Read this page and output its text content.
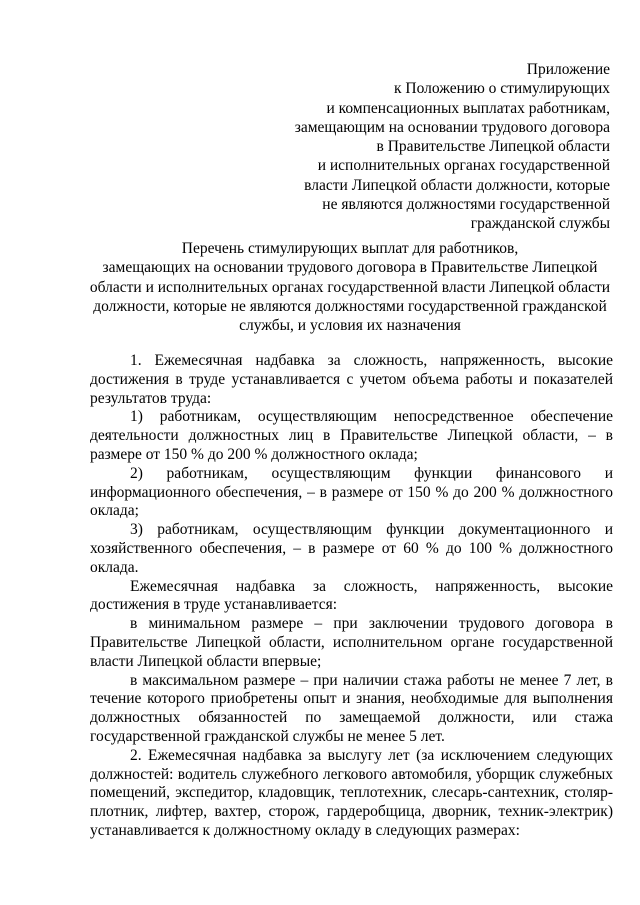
Приложение
к Положению о стимулирующих
и компенсационных выплатах работникам,
замещающим на основании трудового договора
в Правительстве Липецкой области
и исполнительных органах государственной
власти Липецкой области должности, которые
не являются должностями государственной
гражданской службы
Перечень стимулирующих выплат для работников,
замещающих на основании трудового договора в Правительстве Липецкой
области и исполнительных органах государственной власти Липецкой области
должности, которые не являются должностями государственной гражданской
службы, и условия их назначения

1. Ежемесячная надбавка за сложность, напряженность, высокие достижения в труде устанавливается с учетом объема работы и показателей результатов труда:

1) работникам, осуществляющим непосредственное обеспечение деятельности должностных лиц в Правительстве Липецкой области, – в размере от 150 % до 200 % должностного оклада;

2) работникам, осуществляющим функции финансового и информационного обеспечения, – в размере от 150 % до 200 % должностного оклада;

3) работникам, осуществляющим функции документационного и хозяйственного обеспечения, – в размере от 60 % до 100 % должностного оклада.

Ежемесячная надбавка за сложность, напряженность, высокие достижения в труде устанавливается:

в минимальном размере – при заключении трудового договора в Правительстве Липецкой области, исполнительном органе государственной власти Липецкой области впервые;

в максимальном размере – при наличии стажа работы не менее 7 лет, в течение которого приобретены опыт и знания, необходимые для выполнения должностных обязанностей по замещаемой должности, или стажа государственной гражданской службы не менее 5 лет.

2. Ежемесячная надбавка за выслугу лет (за исключением следующих должностей: водитель служебного легкового автомобиля, уборщик служебных помещений, экспедитор, кладовщик, теплотехник, слесарь-сантехник, столяр-плотник, лифтер, вахтер, сторож, гардеробщица, дворник, техник-электрик) устанавливается к должностному окладу в следующих размерах:
